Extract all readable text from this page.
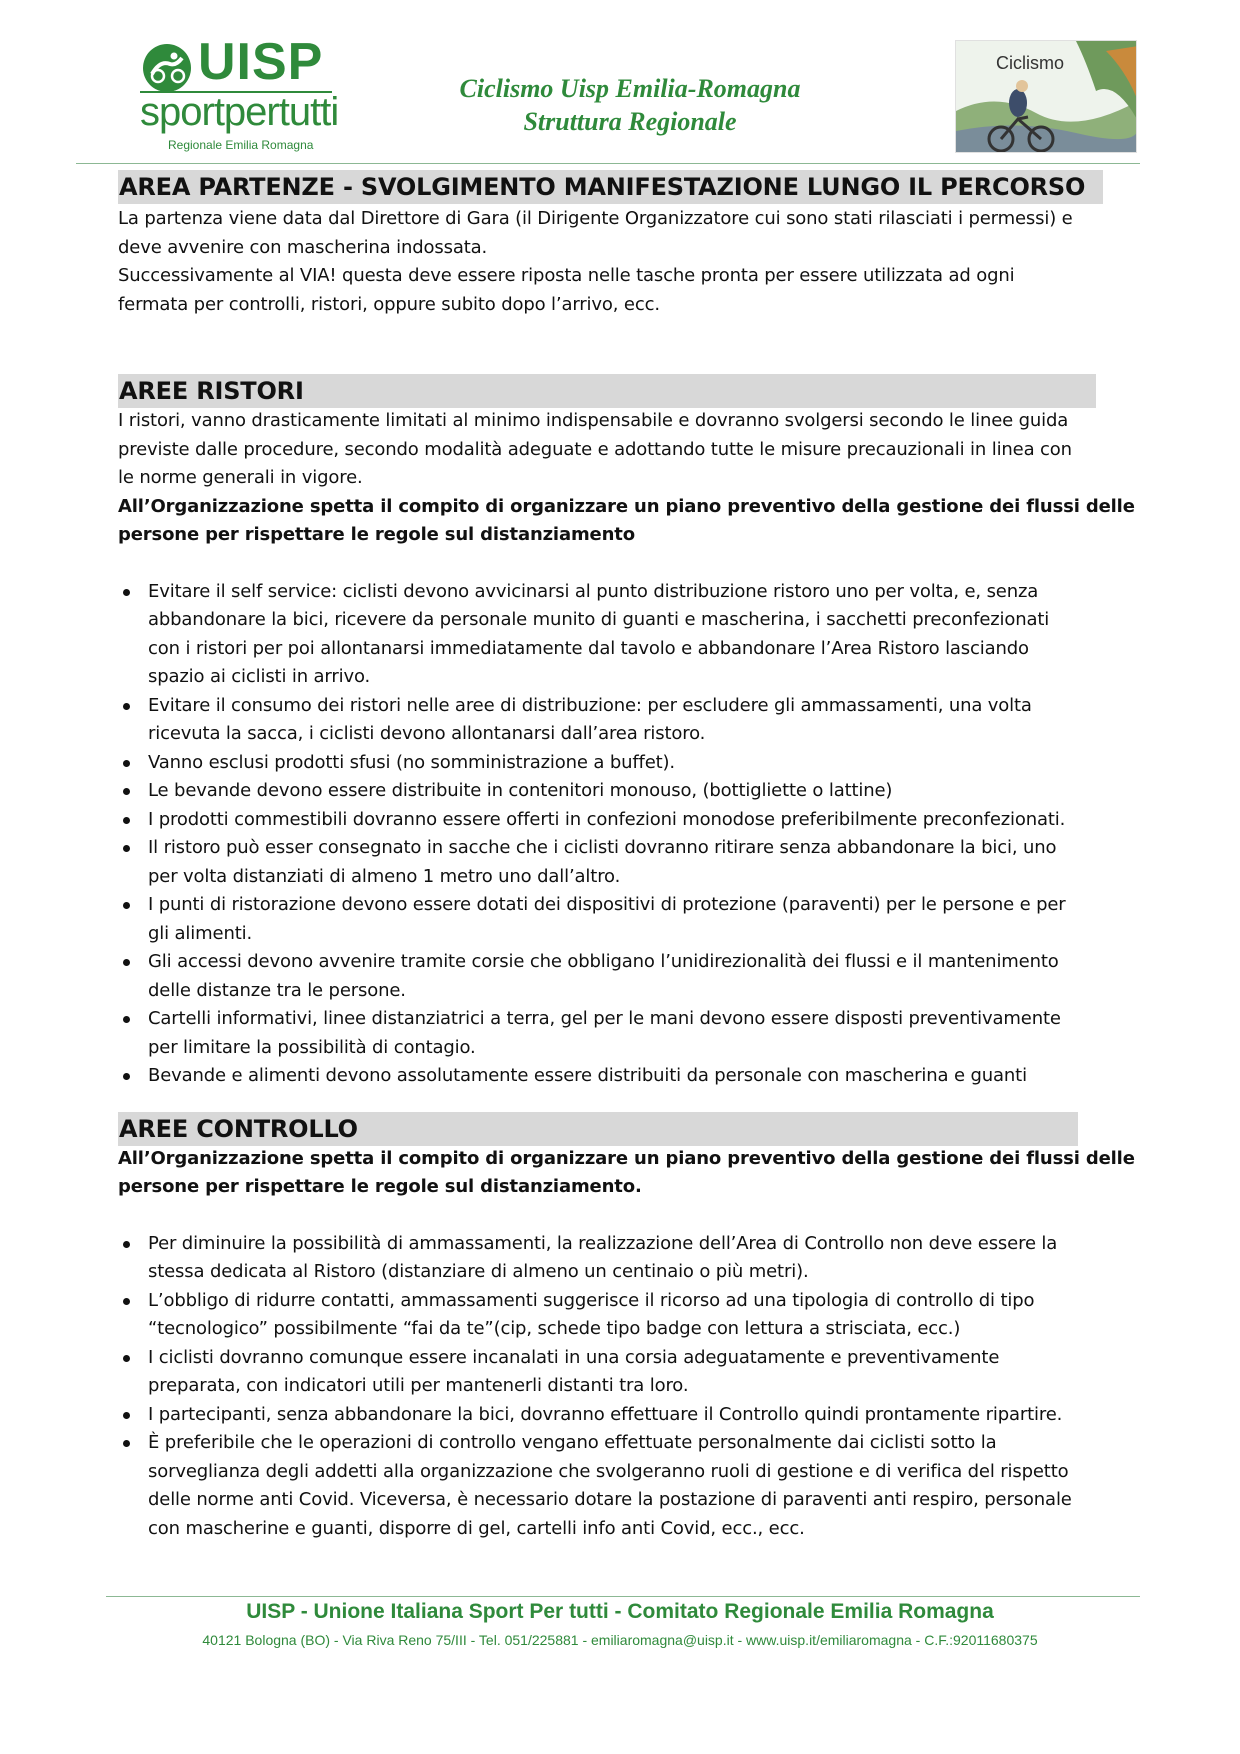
UISP
sportpertutti
Regionale Emilia Romagna
Ciclismo Uisp Emilia-Romagna
Struttura Regionale
Ciclismo
AREA PARTENZE - SVOLGIMENTO MANIFESTAZIONE LUNGO IL PERCORSO
La partenza viene data dal Direttore di Gara (il Dirigente Organizzatore cui sono stati rilasciati i permessi) e
deve avvenire con mascherina indossata.
Successivamente al VIA! questa deve essere riposta nelle tasche pronta per essere utilizzata ad ogni
fermata per controlli, ristori, oppure subito dopo l’arrivo, ecc.
AREE RISTORI
I ristori, vanno drasticamente limitati al minimo indispensabile e dovranno svolgersi secondo le linee guida
previste dalle procedure, secondo modalità adeguate e adottando tutte le misure precauzionali in linea con
le norme generali in vigore.
All’Organizzazione spetta il compito di organizzare un piano preventivo della gestione dei flussi delle
persone per rispettare le regole sul distanziamento
Evitare il self service: ciclisti devono avvicinarsi al punto distribuzione ristoro uno per volta, e, senza
abbandonare la bici, ricevere da personale munito di guanti e mascherina, i sacchetti preconfezionati
con i ristori per poi allontanarsi immediatamente dal tavolo e abbandonare l’Area Ristoro lasciando
spazio ai ciclisti in arrivo.
Evitare il consumo dei ristori nelle aree di distribuzione: per escludere gli ammassamenti, una volta
ricevuta la sacca, i ciclisti devono allontanarsi dall’area ristoro.
Vanno esclusi prodotti sfusi (no somministrazione a buffet).
Le bevande devono essere distribuite in contenitori monouso, (bottigliette o lattine)
I prodotti commestibili dovranno essere offerti in confezioni monodose preferibilmente preconfezionati.
Il ristoro può esser consegnato in sacche che i ciclisti dovranno ritirare senza abbandonare la bici, uno
per volta distanziati di almeno 1 metro uno dall’altro.
I punti di ristorazione devono essere dotati dei dispositivi di protezione (paraventi) per le persone e per
gli alimenti.
Gli accessi devono avvenire tramite corsie che obbligano l’unidirezionalità dei flussi e il mantenimento
delle distanze tra le persone.
Cartelli informativi, linee distanziatrici a terra, gel per le mani devono essere disposti preventivamente
per limitare la possibilità di contagio.
Bevande e alimenti devono assolutamente essere distribuiti da personale con mascherina e guanti
AREE CONTROLLO
All’Organizzazione spetta il compito di organizzare un piano preventivo della gestione dei flussi delle
persone per rispettare le regole sul distanziamento.
Per diminuire la possibilità di ammassamenti, la realizzazione dell’Area di Controllo non deve essere la
stessa dedicata al Ristoro (distanziare di almeno un centinaio o più metri).
L’obbligo di ridurre contatti, ammassamenti suggerisce il ricorso ad una tipologia di controllo di tipo
“tecnologico” possibilmente “fai da te”(cip, schede tipo badge con lettura a strisciata, ecc.)
I ciclisti dovranno comunque essere incanalati in una corsia adeguatamente e preventivamente
preparata, con indicatori utili per mantenerli distanti tra loro.
I partecipanti, senza abbandonare la bici, dovranno effettuare il Controllo quindi prontamente ripartire.
È preferibile che le operazioni di controllo vengano effettuate personalmente dai ciclisti sotto la
sorveglianza degli addetti alla organizzazione che svolgeranno ruoli di gestione e di verifica del rispetto
delle norme anti Covid. Viceversa, è necessario dotare la postazione di paraventi anti respiro, personale
con mascherine e guanti, disporre di gel, cartelli info anti Covid, ecc., ecc.
UISP - Unione Italiana Sport Per tutti - Comitato Regionale Emilia Romagna
40121 Bologna (BO) - Via Riva Reno 75/III - Tel. 051/225881 - emiliaromagna@uisp.it - www.uisp.it/emiliaromagna - C.F.:92011680375
